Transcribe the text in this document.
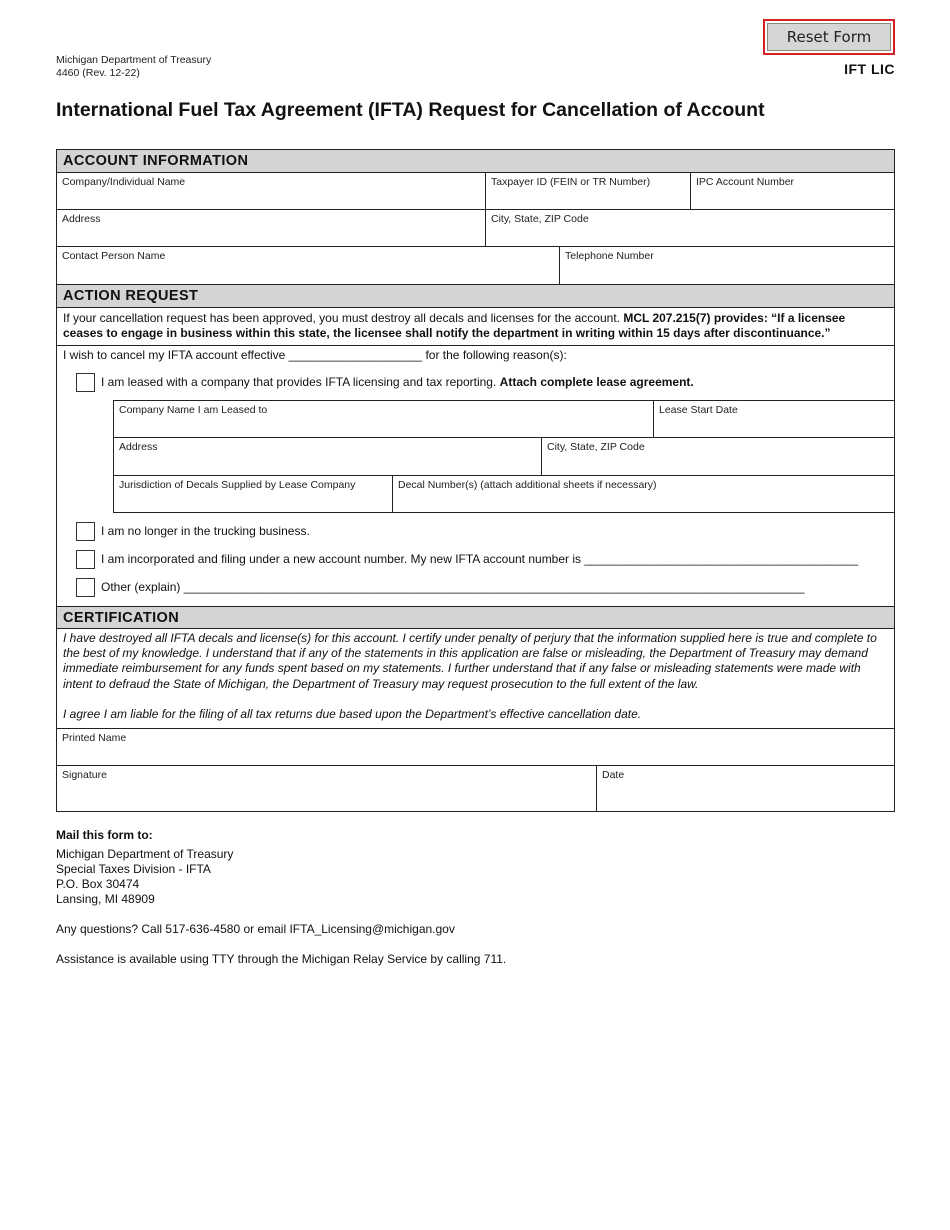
Reset Form
Michigan Department of Treasury
4460 (Rev. 12-22)	IFT LIC
International Fuel Tax Agreement (IFTA) Request for Cancellation of Account
ACCOUNT INFORMATION
Company/Individual Name	Taxpayer ID (FEIN or TR Number)	IPC Account Number
Address	City, State, ZIP Code
Contact Person Name	Telephone Number
ACTION REQUEST
If your cancellation request has been approved, you must destroy all decals and licenses for the account. MCL 207.215(7) provides: “If a licensee
ceases to engage in business within this state, the licensee shall notify the department in writing within 15 days after discontinuance.”
I wish to cancel my IFTA account effective ____________________ for the following reason(s):
I am leased with a company that provides IFTA licensing and tax reporting. Attach complete lease agreement.
Company Name I am Leased to	Lease Start Date
Address	City, State, ZIP Code
Jurisdiction of Decals Supplied by Lease Company	Decal Number(s) (attach additional sheets if necessary)
I am no longer in the trucking business.
I am incorporated and filing under a new account number. My new IFTA account number is _________________________________________
Other (explain) _____________________________________________________________________________________________
CERTIFICATION

I have destroyed all IFTA decals and license(s) for this account. I certify under penalty of perjury that the information supplied here is true and complete to the best of my knowledge. I understand that if any of the statements in this application are false or misleading, the Department of Treasury may demand immediate reimbursement for any funds spent based on my statements. I further understand that if any false or misleading statements were made with intent to defraud the State of Michigan, the Department of Treasury may request prosecution to the full extent of the law.

I agree I am liable for the filing of all tax returns due based upon the Department’s effective cancellation date.

Printed Name
Signature	Date
Mail this form to:
Michigan Department of Treasury
Special Taxes Division - IFTA
P.O. Box 30474
Lansing, MI 48909
Any questions? Call 517-636-4580 or email IFTA_Licensing@michigan.gov
Assistance is available using TTY through the Michigan Relay Service by calling 711.
